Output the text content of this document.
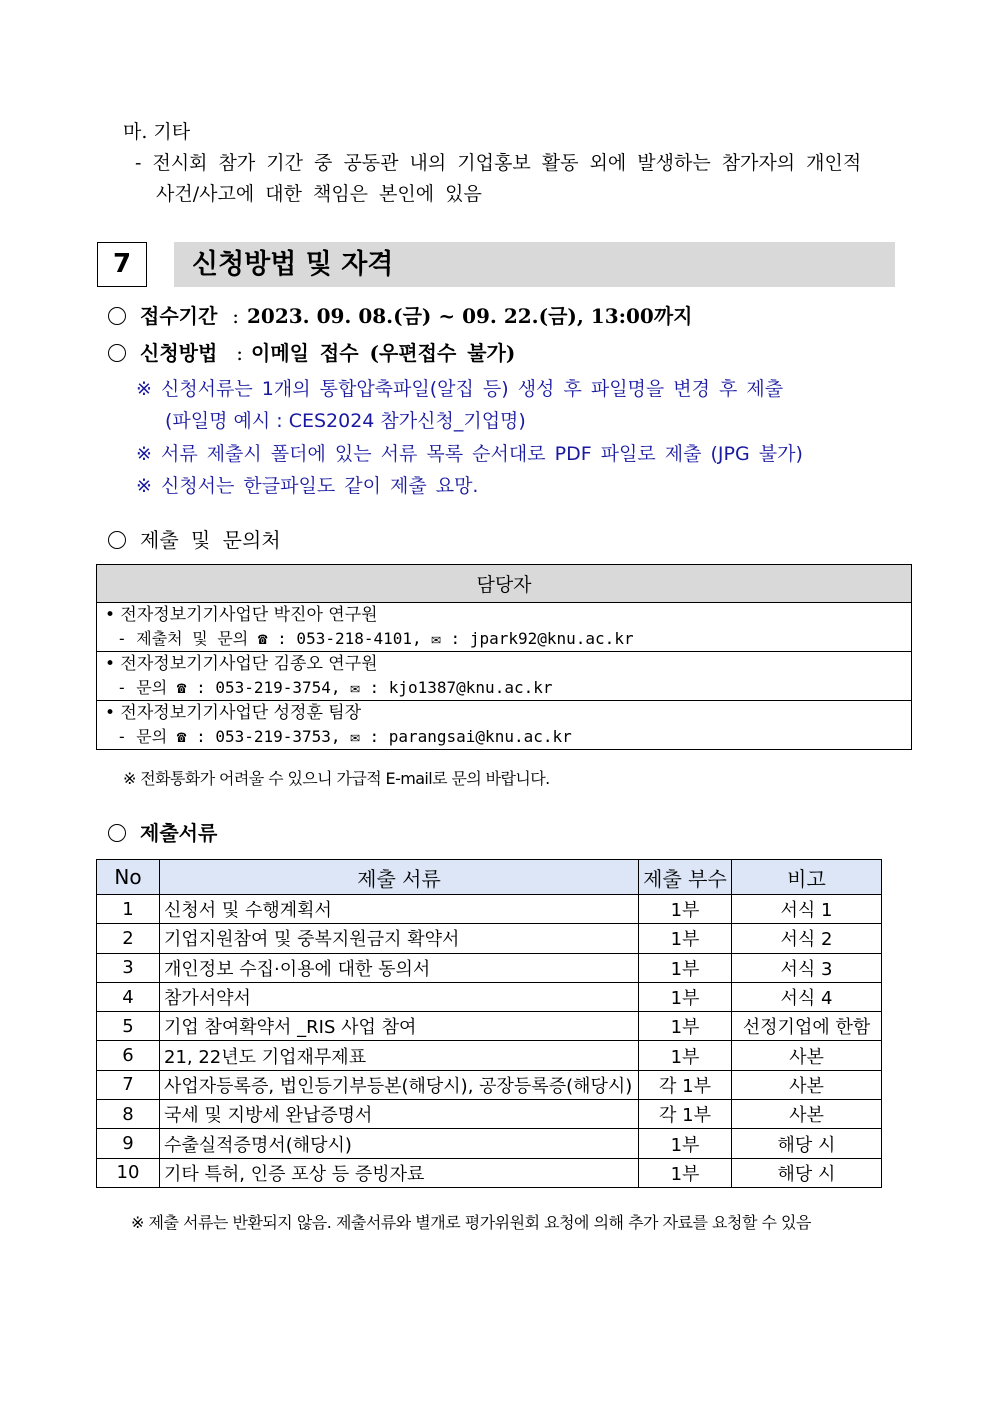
마. 기타
- 전시회 참가 기간 중 공동관 내의 기업홍보 활동 외에 발생하는 참가자의 개인적
사건/사고에 대한 책임은 본인에 있음
7	신청방법 및 자격
접수기간 : 2023. 09. 08.(금) ~ 09. 22.(금), 13:00까지
신청방법 : 이메일 접수 (우편접수 불가)
※ 신청서류는 1개의 통합압축파일(알집 등) 생성 후 파일명을 변경 후 제출
(파일명 예시 : CES2024 참가신청_기업명)
※ 서류 제출시 폴더에 있는 서류 목록 순서대로 PDF 파일로 제출 (JPG 불가)
※ 신청서는 한글파일도 같이 제출 요망.
제출 및 문의처
담당자

• 전자정보기기사업단 박진아 연구원
- 제출처 및 문의 ☎ : 053-218-4101, ✉ : jpark92@knu.ac.kr

• 전자정보기기사업단 김종오 연구원
- 문의 ☎ : 053-219-3754, ✉ : kjo1387@knu.ac.kr

• 전자정보기기사업단 성정훈 팀장
- 문의 ☎ : 053-219-3753, ✉ : parangsai@knu.ac.kr
※ 전화통화가 어려울 수 있으니 가급적 E-mail로 문의 바랍니다.
제출서류
No	제출 서류	제출 부수	비고
1	신청서 및 수행계획서	1부	서식 1
2	기업지원참여 및 중복지원금지 확약서	1부	서식 2
3	개인정보 수집·이용에 대한 동의서	1부	서식 3
4	참가서약서	1부	서식 4
5	기업 참여확약서 _RIS 사업 참여	1부	선정기업에 한함
6	21, 22년도 기업재무제표	1부	사본
7	사업자등록증, 법인등기부등본(해당시), 공장등록증(해당시)	각 1부	사본
8	국세 및 지방세 완납증명서	각 1부	사본
9	수출실적증명서(해당시)	1부	해당 시
10	기타 특허, 인증 포상 등 증빙자료	1부	해당 시
※ 제출 서류는 반환되지 않음. 제출서류와 별개로 평가위원회 요청에 의해 추가 자료를 요청할 수 있음
